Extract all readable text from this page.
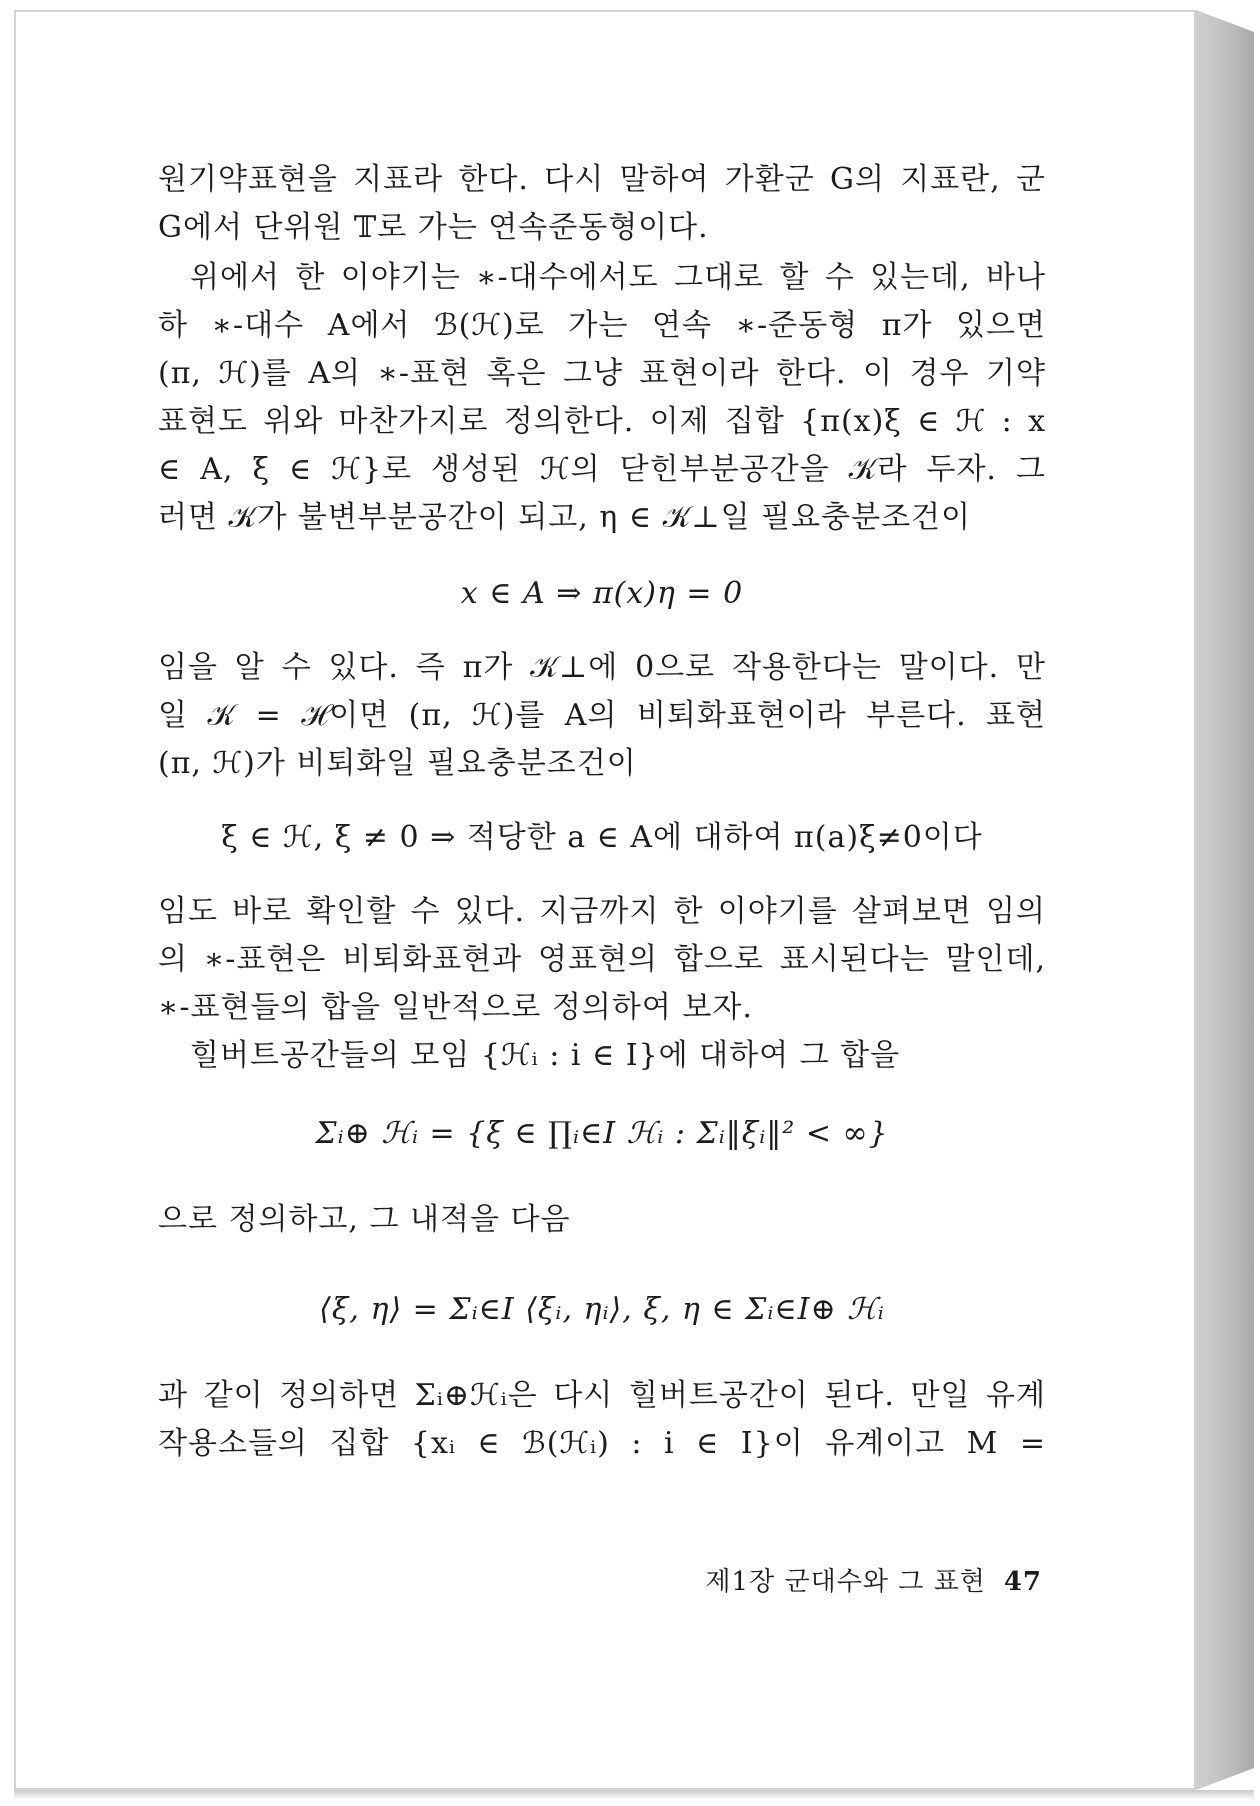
원기약표현을 지표라 한다. 다시 말하여 가환군 G의 지표란, 군
G에서 단위원 𝕋로 가는 연속준동형이다.
위에서 한 이야기는 ∗-대수에서도 그대로 할 수 있는데, 바나
하 ∗-대수 A에서 ℬ(ℋ)로 가는 연속 ∗-준동형 π가 있으면
(π, ℋ)를 A의 ∗-표현 혹은 그냥 표현이라 한다. 이 경우 기약
표현도 위와 마찬가지로 정의한다. 이제 집합 {π(x)ξ ∈ ℋ : x
∈ A, ξ ∈ ℋ}로 생성된 ℋ의 닫힌부분공간을 𝒦라 두자. 그
러면 𝒦가 불변부분공간이 되고, η ∈ 𝒦⊥일 필요충분조건이
x ∈ A ⇒ π(x)η = 0
임을 알 수 있다. 즉 π가 𝒦⊥에 0으로 작용한다는 말이다. 만
일 𝒦 = ℋ이면 (π, ℋ)를 A의 비퇴화표현이라 부른다. 표현
(π, ℋ)가 비퇴화일 필요충분조건이
ξ ∈ ℋ, ξ ≠ 0 ⇒ 적당한 a ∈ A에 대하여 π(a)ξ≠0이다
임도 바로 확인할 수 있다. 지금까지 한 이야기를 살펴보면 임의
의 ∗-표현은 비퇴화표현과 영표현의 합으로 표시된다는 말인데,
∗-표현들의 합을 일반적으로 정의하여 보자.
힐버트공간들의 모임 {ℋᵢ : i ∈ I}에 대하여 그 합을
Σᵢ⊕ ℋᵢ = {ξ ∈ ∏ᵢ∈I ℋᵢ : Σᵢ‖ξᵢ‖² < ∞}
으로 정의하고, 그 내적을 다음
⟨ξ, η⟩ = Σᵢ∈I ⟨ξᵢ, ηᵢ⟩, ξ, η ∈ Σᵢ∈I⊕ ℋᵢ
과 같이 정의하면 Σᵢ⊕ℋᵢ은 다시 힐버트공간이 된다. 만일 유계
작용소들의 집합 {xᵢ ∈ ℬ(ℋᵢ) : i ∈ I}이 유계이고 M =
제1장 군대수와 그 표현 47
